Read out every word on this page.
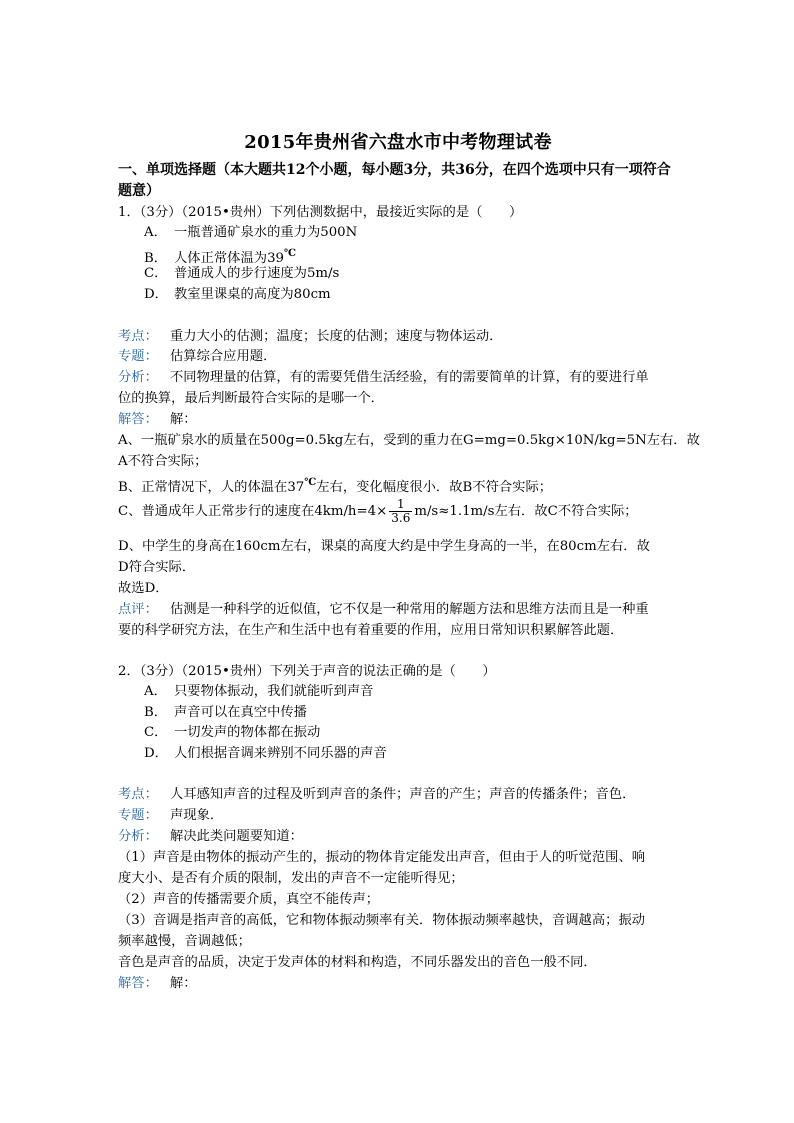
2015年贵州省六盘水市中考物理试卷
一、单项选择题（本大题共12个小题，每小题3分，共36分，在四个选项中只有一项符合题意）
1．（3分）（2015•贵州）下列估测数据中，最接近实际的是（　　）
A． 一瓶普通矿泉水的重力为500N
B． 人体正常体温为39℃
C． 普通成人的步行速度为5m/s
D． 教室里课桌的高度为80cm
考点： 重力大小的估测；温度；长度的估测；速度与物体运动．
专题： 估算综合应用题．
分析： 不同物理量的估算，有的需要凭借生活经验，有的需要简单的计算，有的要进行单
位的换算，最后判断最符合实际的是哪一个．
解答： 解：
A、一瓶矿泉水的质量在500g=0.5kg左右，受到的重力在G=mg=0.5kg×10N/kg=5N左右．故
A不符合实际；
B、正常情况下，人的体温在37℃左右，变化幅度很小．故B不符合实际；
C、普通成年人正常步行的速度在$4km/h=4\times \frac{1}{3.6} m/s\approx 1.1m/s$左右．故C不符合实际；
D、中学生的身高在160cm左右，课桌的高度大约是中学生身高的一半，在80cm左右．故
D符合实际．
故选D．
点评： 估测是一种科学的近似值，它不仅是一种常用的解题方法和思维方法而且是一种重
要的科学研究方法，在生产和生活中也有着重要的作用，应用日常知识积累解答此题．
2．（3分）（2015•贵州）下列关于声音的说法正确的是（　　）
A． 只要物体振动，我们就能听到声音
B． 声音可以在真空中传播
C． 一切发声的物体都在振动
D． 人们根据音调来辨别不同乐器的声音
考点： 人耳感知声音的过程及听到声音的条件；声音的产生；声音的传播条件；音色．
专题： 声现象．
分析： 解决此类问题要知道：
（1）声音是由物体的振动产生的，振动的物体肯定能发出声音，但由于人的听觉范围、响
度大小、是否有介质的限制，发出的声音不一定能听得见；
（2）声音的传播需要介质，真空不能传声；
（3）音调是指声音的高低，它和物体振动频率有关．物体振动频率越快，音调越高；振动
频率越慢，音调越低；
音色是声音的品质，决定于发声体的材料和构造，不同乐器发出的音色一般不同．
解答： 解：
